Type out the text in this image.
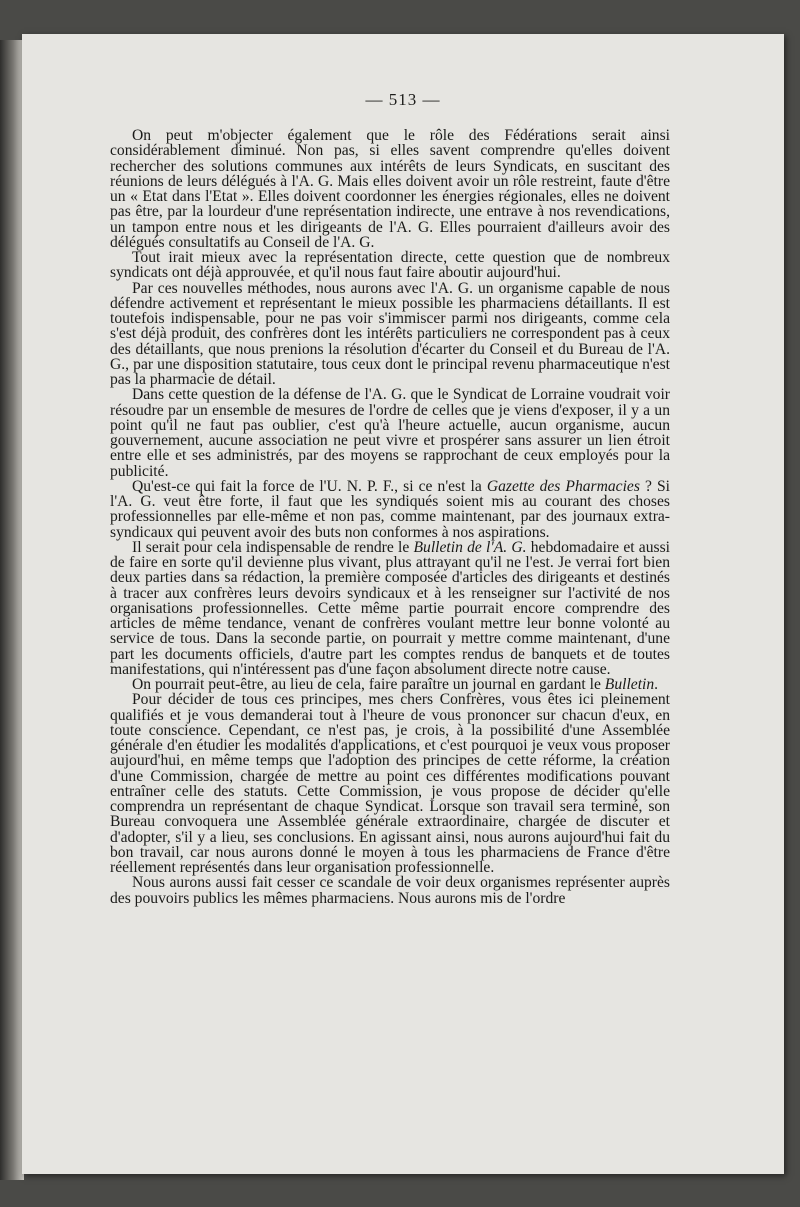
— 513 —

On peut m'objecter également que le rôle des Fédérations serait ainsi considérablement diminué. Non pas, si elles savent comprendre qu'elles doivent rechercher des solutions communes aux intérêts de leurs Syndicats, en suscitant des réunions de leurs délégués à l'A. G. Mais elles doivent avoir un rôle restreint, faute d'être un « Etat dans l'Etat ». Elles doivent coordonner les énergies régionales, elles ne doivent pas être, par la lourdeur d'une représentation indirecte, une entrave à nos revendications, un tampon entre nous et les dirigeants de l'A. G. Elles pourraient d'ailleurs avoir des délégués consultatifs au Conseil de l'A. G.

Tout irait mieux avec la représentation directe, cette question que de nombreux syndicats ont déjà approuvée, et qu'il nous faut faire aboutir aujourd'hui.

Par ces nouvelles méthodes, nous aurons avec l'A. G. un organisme capable de nous défendre activement et représentant le mieux possible les pharmaciens détaillants. Il est toutefois indispensable, pour ne pas voir s'immiscer parmi nos dirigeants, comme cela s'est déjà produit, des confrères dont les intérêts particuliers ne correspondent pas à ceux des détaillants, que nous prenions la résolution d'écarter du Conseil et du Bureau de l'A. G., par une disposition statutaire, tous ceux dont le principal revenu pharmaceutique n'est pas la pharmacie de détail.

Dans cette question de la défense de l'A. G. que le Syndicat de Lorraine voudrait voir résoudre par un ensemble de mesures de l'ordre de celles que je viens d'exposer, il y a un point qu'il ne faut pas oublier, c'est qu'à l'heure actuelle, aucun organisme, aucun gouvernement, aucune association ne peut vivre et prospérer sans assurer un lien étroit entre elle et ses administrés, par des moyens se rapprochant de ceux employés pour la publicité.

Qu'est-ce qui fait la force de l'U. N. P. F., si ce n'est la Gazette des Pharmacies ? Si l'A. G. veut être forte, il faut que les syndiqués soient mis au courant des choses professionnelles par elle-même et non pas, comme maintenant, par des journaux extra-syndicaux qui peuvent avoir des buts non conformes à nos aspirations.

Il serait pour cela indispensable de rendre le Bulletin de l'A. G. hebdomadaire et aussi de faire en sorte qu'il devienne plus vivant, plus attrayant qu'il ne l'est. Je verrai fort bien deux parties dans sa rédaction, la première composée d'articles des dirigeants et destinés à tracer aux confrères leurs devoirs syndicaux et à les renseigner sur l'activité de nos organisations professionnelles. Cette même partie pourrait encore comprendre des articles de même tendance, venant de confrères voulant mettre leur bonne volonté au service de tous. Dans la seconde partie, on pourrait y mettre comme maintenant, d'une part les documents officiels, d'autre part les comptes rendus de banquets et de toutes manifestations, qui n'intéressent pas d'une façon absolument directe notre cause.

On pourrait peut-être, au lieu de cela, faire paraître un journal en gardant le Bulletin.

Pour décider de tous ces principes, mes chers Confrères, vous êtes ici pleinement qualifiés et je vous demanderai tout à l'heure de vous prononcer sur chacun d'eux, en toute conscience. Cependant, ce n'est pas, je crois, à la possibilité d'une Assemblée générale d'en étudier les modalités d'applications, et c'est pourquoi je veux vous proposer aujourd'hui, en même temps que l'adoption des principes de cette réforme, la création d'une Commission, chargée de mettre au point ces différentes modifications pouvant entraîner celle des statuts. Cette Commission, je vous propose de décider qu'elle comprendra un représentant de chaque Syndicat. Lorsque son travail sera terminé, son Bureau convoquera une Assemblée générale extraordinaire, chargée de discuter et d'adopter, s'il y a lieu, ses conclusions. En agissant ainsi, nous aurons aujourd'hui fait du bon travail, car nous aurons donné le moyen à tous les pharmaciens de France d'être réellement représentés dans leur organisation professionnelle.

Nous aurons aussi fait cesser ce scandale de voir deux organismes représenter auprès des pouvoirs publics les mêmes pharmaciens. Nous aurons mis de l'ordre
